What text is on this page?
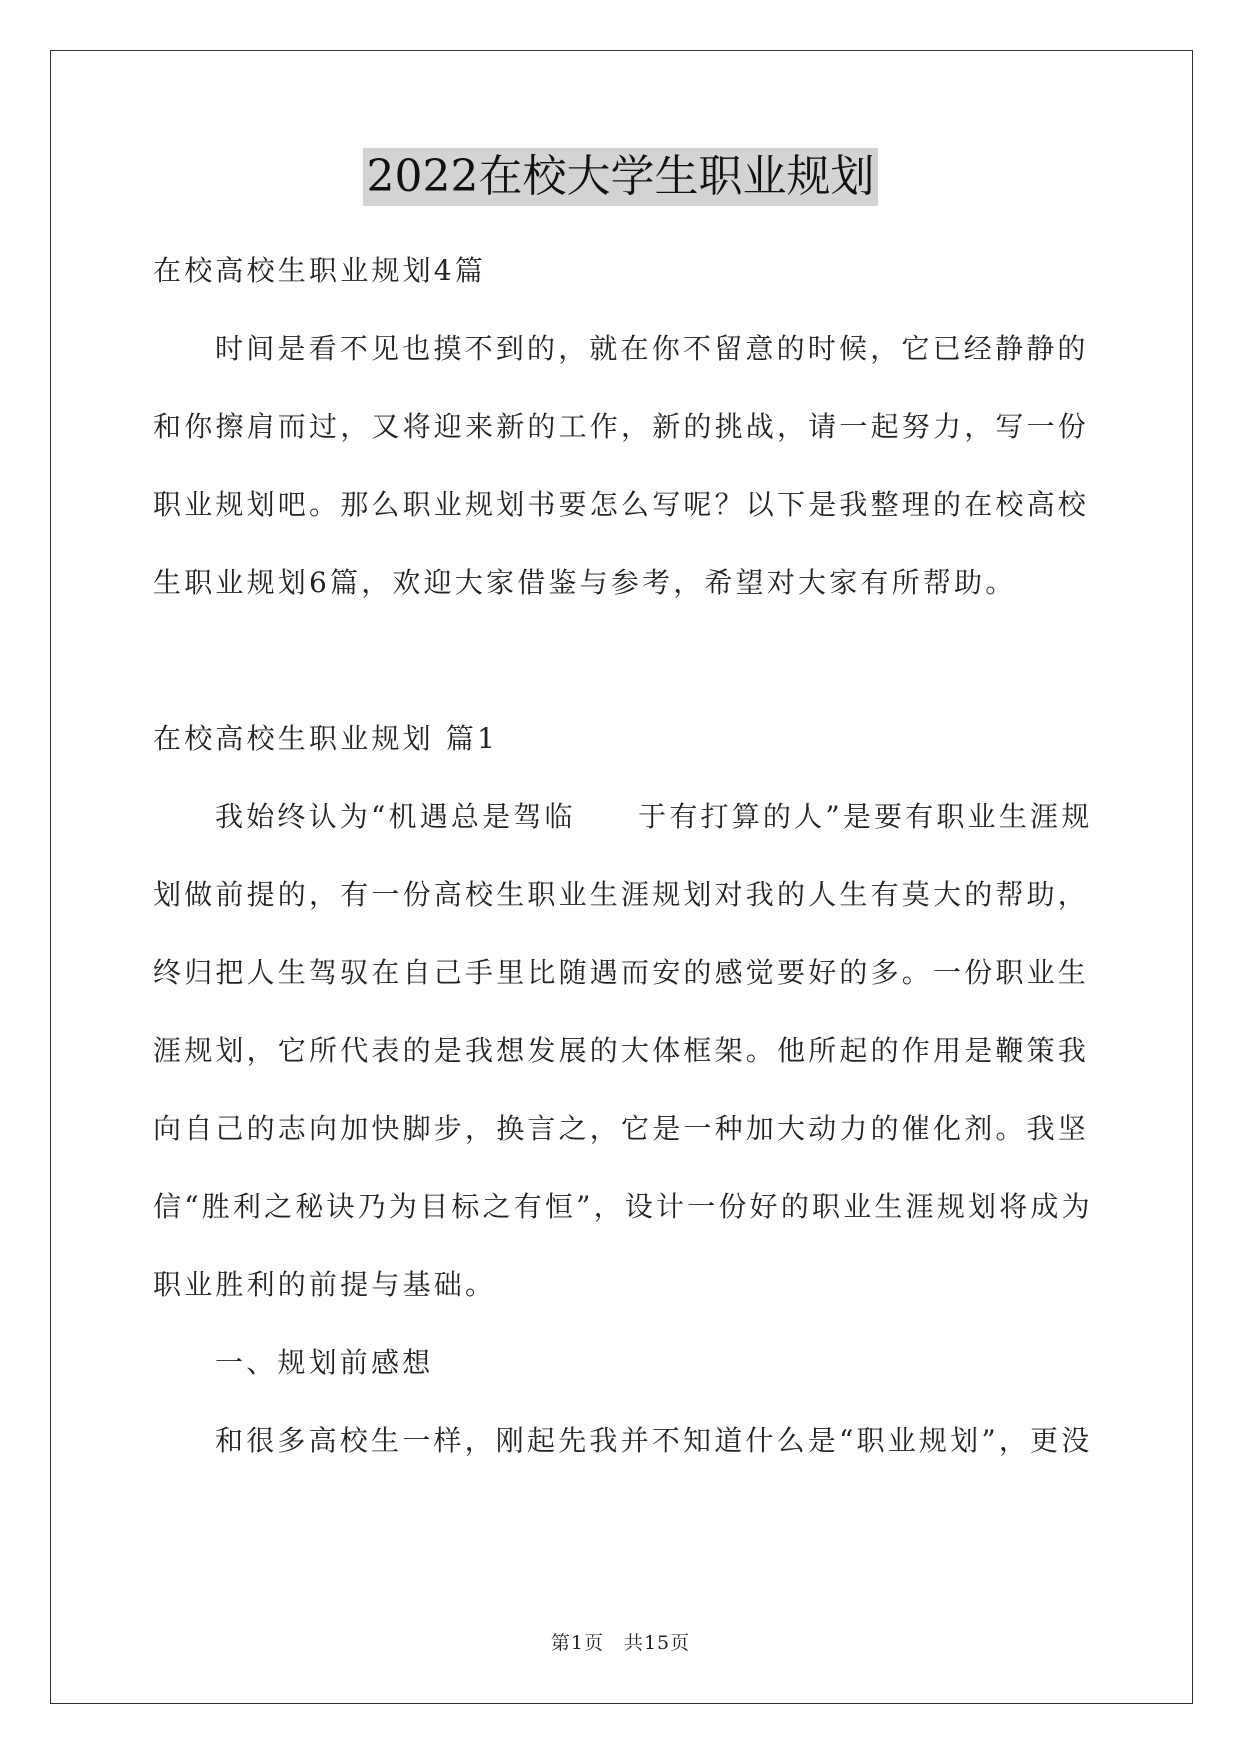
2022在校大学生职业规划
在校高校生职业规划4篇
时间是看不见也摸不到的，就在你不留意的时候，它已经静静的
和你擦肩而过，又将迎来新的工作，新的挑战，请一起努力，写一份
职业规划吧。那么职业规划书要怎么写呢？以下是我整理的在校高校
生职业规划6篇，欢迎大家借鉴与参考，希望对大家有所帮助。
在校高校生职业规划 篇1
我始终认为“机遇总是驾临　　于有打算的人”是要有职业生涯规
划做前提的，有一份高校生职业生涯规划对我的人生有莫大的帮助，
终归把人生驾驭在自己手里比随遇而安的感觉要好的多。一份职业生
涯规划，它所代表的是我想发展的大体框架。他所起的作用是鞭策我
向自己的志向加快脚步，换言之，它是一种加大动力的催化剂。我坚
信“胜利之秘诀乃为目标之有恒”，设计一份好的职业生涯规划将成为
职业胜利的前提与基础。
一、规划前感想
和很多高校生一样，刚起先我并不知道什么是“职业规划”，更没
第1页　共15页
